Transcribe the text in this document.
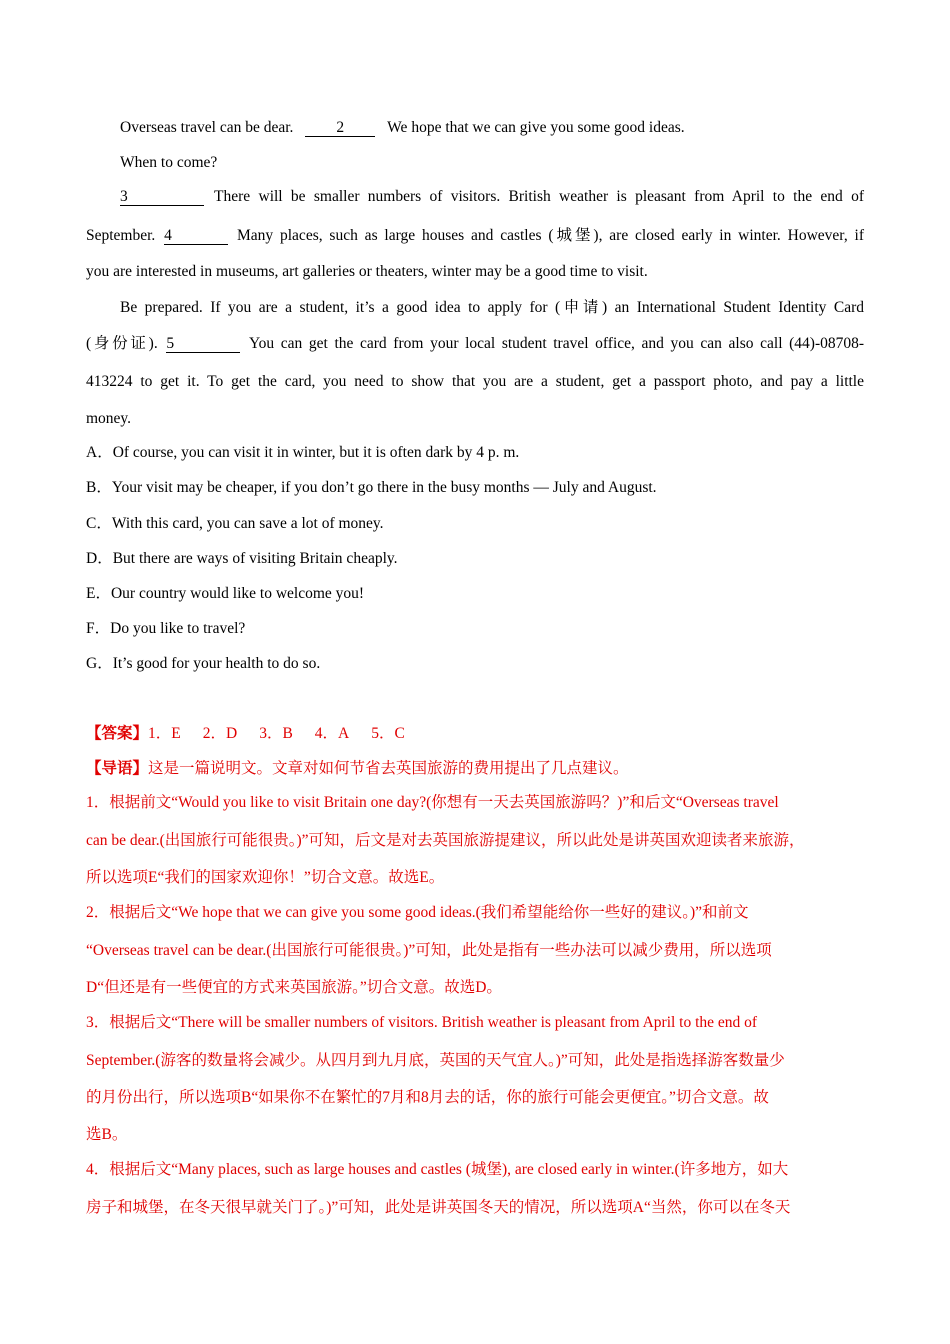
Overseas travel can be dear.	2	We hope that we can give you some good ideas.
When to come?
3	There will be smaller numbers of visitors. British weather is pleasant from April to the end of
September. 4	Many places, such as large houses and castles (城堡), are closed early in winter. However, if
you are interested in museums, art galleries or theaters, winter may be a good time to visit.
Be prepared. If you are a student, it’s a good idea to apply for (申请) an International Student Identity Card
(身份证). 5	You can get the card from your local student travel office, and you can also call (44)-08708-
413224 to get it. To get the card, you need to show that you are a student, get a passport photo, and pay a little
money.
A．Of course, you can visit it in winter, but it is often dark by 4 p. m.
B．Your visit may be cheaper, if you don’t go there in the busy months — July and August.
C．With this card, you can save a lot of money.
D．But there are ways of visiting Britain cheaply.
E．Our country would like to welcome you!
F．Do you like to travel?
G．It’s good for your health to do so.
【答案】1．E 2．D 3．B 4．A 5．C
【导语】这是一篇说明文。文章对如何节省去英国旅游的费用提出了几点建议。
1．根据前文“Would you like to visit Britain one day?(你想有一天去英国旅游吗？)”和后文“Overseas travel
can be dear.(出国旅行可能很贵。)”可知，后文是对去英国旅游提建议，所以此处是讲英国欢迎读者来旅游，
所以选项E“我们的国家欢迎你！”切合文意。故选E。
2．根据后文“We hope that we can give you some good ideas.(我们希望能给你一些好的建议。)”和前文
“Overseas travel can be dear.(出国旅行可能很贵。)”可知，此处是指有一些办法可以减少费用，所以选项
D“但还是有一些便宜的方式来英国旅游。”切合文意。故选D。
3．根据后文“There will be smaller numbers of visitors. British weather is pleasant from April to the end of
September.(游客的数量将会减少。从四月到九月底，英国的天气宜人。)”可知，此处是指选择游客数量少
的月份出行，所以选项B“如果你不在繁忙的7月和8月去的话，你的旅行可能会更便宜。”切合文意。故
选B。
4．根据后文“Many places, such as large houses and castles (城堡), are closed early in winter.(许多地方，如大
房子和城堡，在冬天很早就关门了。)”可知，此处是讲英国冬天的情况，所以选项A“当然，你可以在冬天
